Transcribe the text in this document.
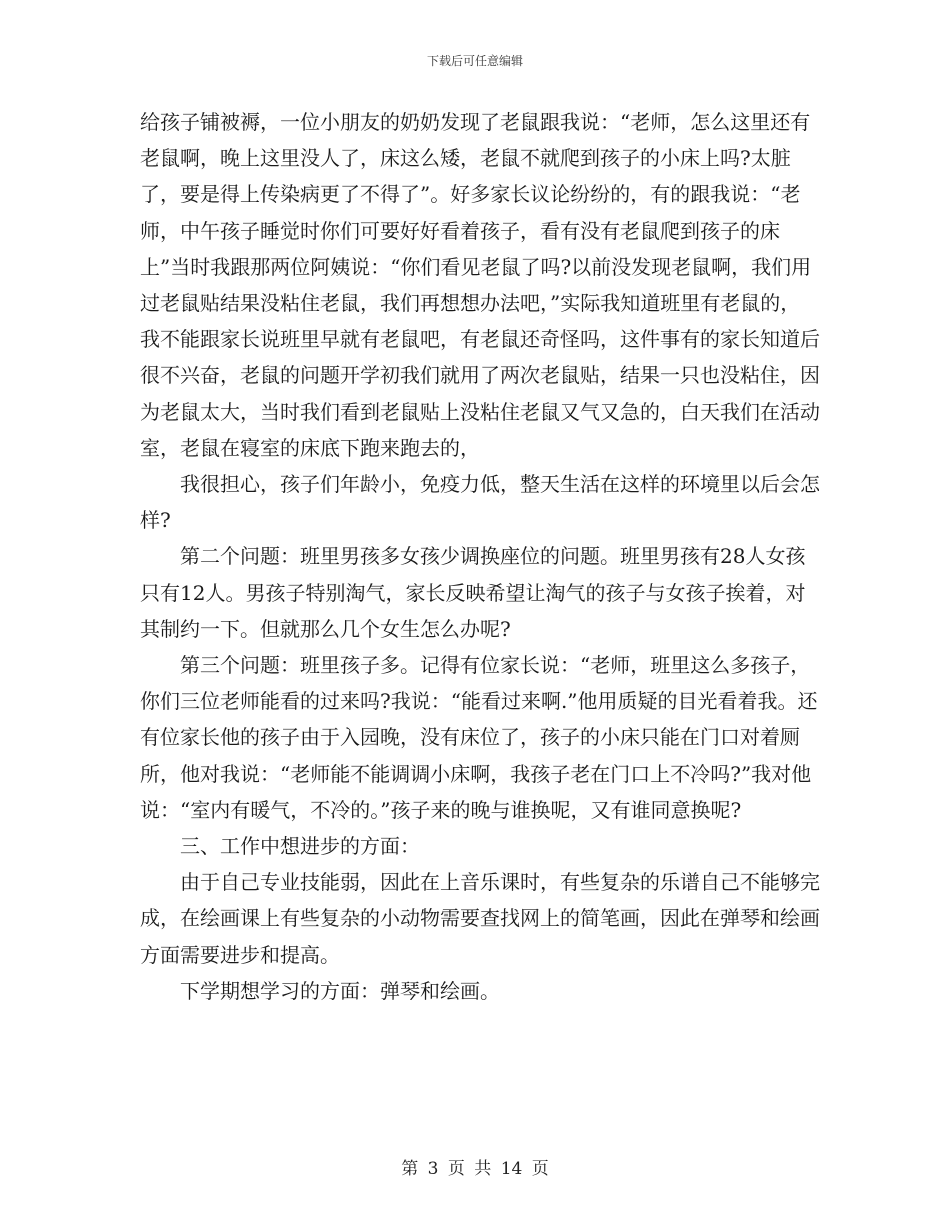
下载后可任意编辑

给孩子铺被褥，一位小朋友的奶奶发现了老鼠跟我说：“老师，怎么这里还有老鼠啊，晚上这里没人了，床这么矮，老鼠不就爬到孩子的小床上吗?太脏了，要是得上传染病更了不得了”。好多家长议论纷纷的，有的跟我说：“老师，中午孩子睡觉时你们可要好好看着孩子，看有没有老鼠爬到孩子的床上”当时我跟那两位阿姨说：“你们看见老鼠了吗?以前没发现老鼠啊，我们用过老鼠贴结果没粘住老鼠，我们再想想办法吧，”实际我知道班里有老鼠的，我不能跟家长说班里早就有老鼠吧，有老鼠还奇怪吗，这件事有的家长知道后很不兴奋，老鼠的问题开学初我们就用了两次老鼠贴，结果一只也没粘住，因为老鼠太大，当时我们看到老鼠贴上没粘住老鼠又气又急的，白天我们在活动室，老鼠在寝室的床底下跑来跑去的，

我很担心，孩子们年龄小，免疫力低，整天生活在这样的环境里以后会怎样?

第二个问题：班里男孩多女孩少调换座位的问题。班里男孩有28人女孩只有12人。男孩子特别淘气，家长反映希望让淘气的孩子与女孩子挨着，对其制约一下。但就那么几个女生怎么办呢?

第三个问题：班里孩子多。记得有位家长说：“老师，班里这么多孩子，你们三位老师能看的过来吗?我说：“能看过来啊.”他用质疑的目光看着我。还有位家长他的孩子由于入园晚，没有床位了，孩子的小床只能在门口对着厕所，他对我说：“老师能不能调调小床啊，我孩子老在门口上不冷吗?”我对他说：“室内有暖气，不冷的。”孩子来的晚与谁换呢，又有谁同意换呢?

三、工作中想进步的方面：

由于自己专业技能弱，因此在上音乐课时，有些复杂的乐谱自己不能够完成，在绘画课上有些复杂的小动物需要查找网上的简笔画，因此在弹琴和绘画方面需要进步和提高。

下学期想学习的方面：弹琴和绘画。

第 3 页 共 14 页
